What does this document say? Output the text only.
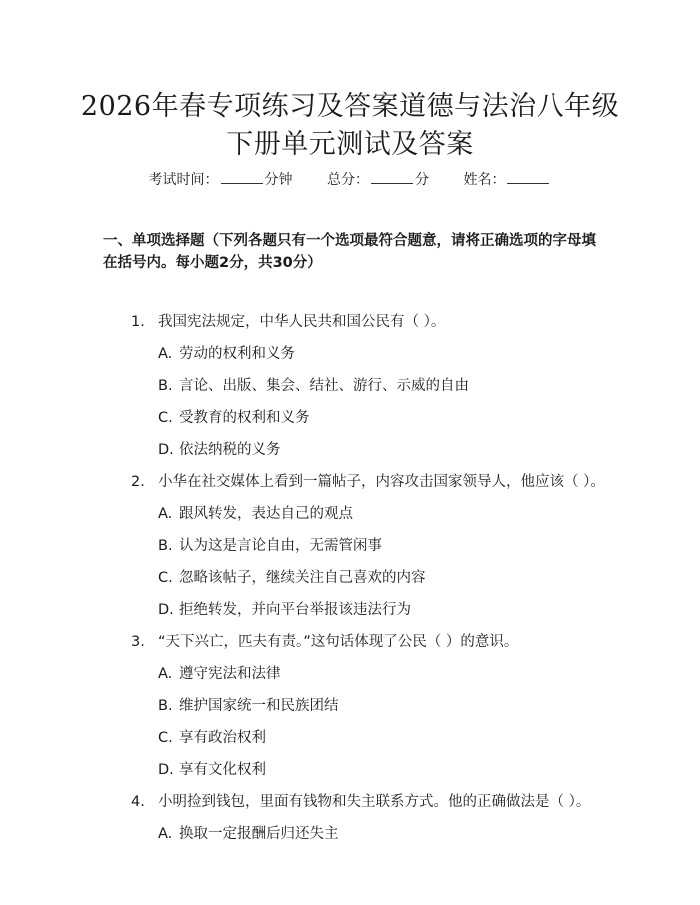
2026年春专项练习及答案道德与法治八年级
下册单元测试及答案
考试时间：	分钟 总分：	分 姓名：
一、单项选择题（下列各题只有一个选项最符合题意，请将正确选项的字母填在括号内。每小题2分，共30分）
1. 我国宪法规定，中华人民共和国公民有（ ）。
A. 劳动的权利和义务
B. 言论、出版、集会、结社、游行、示威的自由
C. 受教育的权利和义务
D. 依法纳税的义务
2. 小华在社交媒体上看到一篇帖子，内容攻击国家领导人，他应该（ ）。
A. 跟风转发，表达自己的观点
B. 认为这是言论自由，无需管闲事
C. 忽略该帖子，继续关注自己喜欢的内容
D. 拒绝转发，并向平台举报该违法行为
3. “天下兴亡，匹夫有责。”这句话体现了公民（ ）的意识。
A. 遵守宪法和法律
B. 维护国家统一和民族团结
C. 享有政治权利
D. 享有文化权利
4. 小明捡到钱包，里面有钱物和失主联系方式。他的正确做法是（ ）。
A. 换取一定报酬后归还失主
